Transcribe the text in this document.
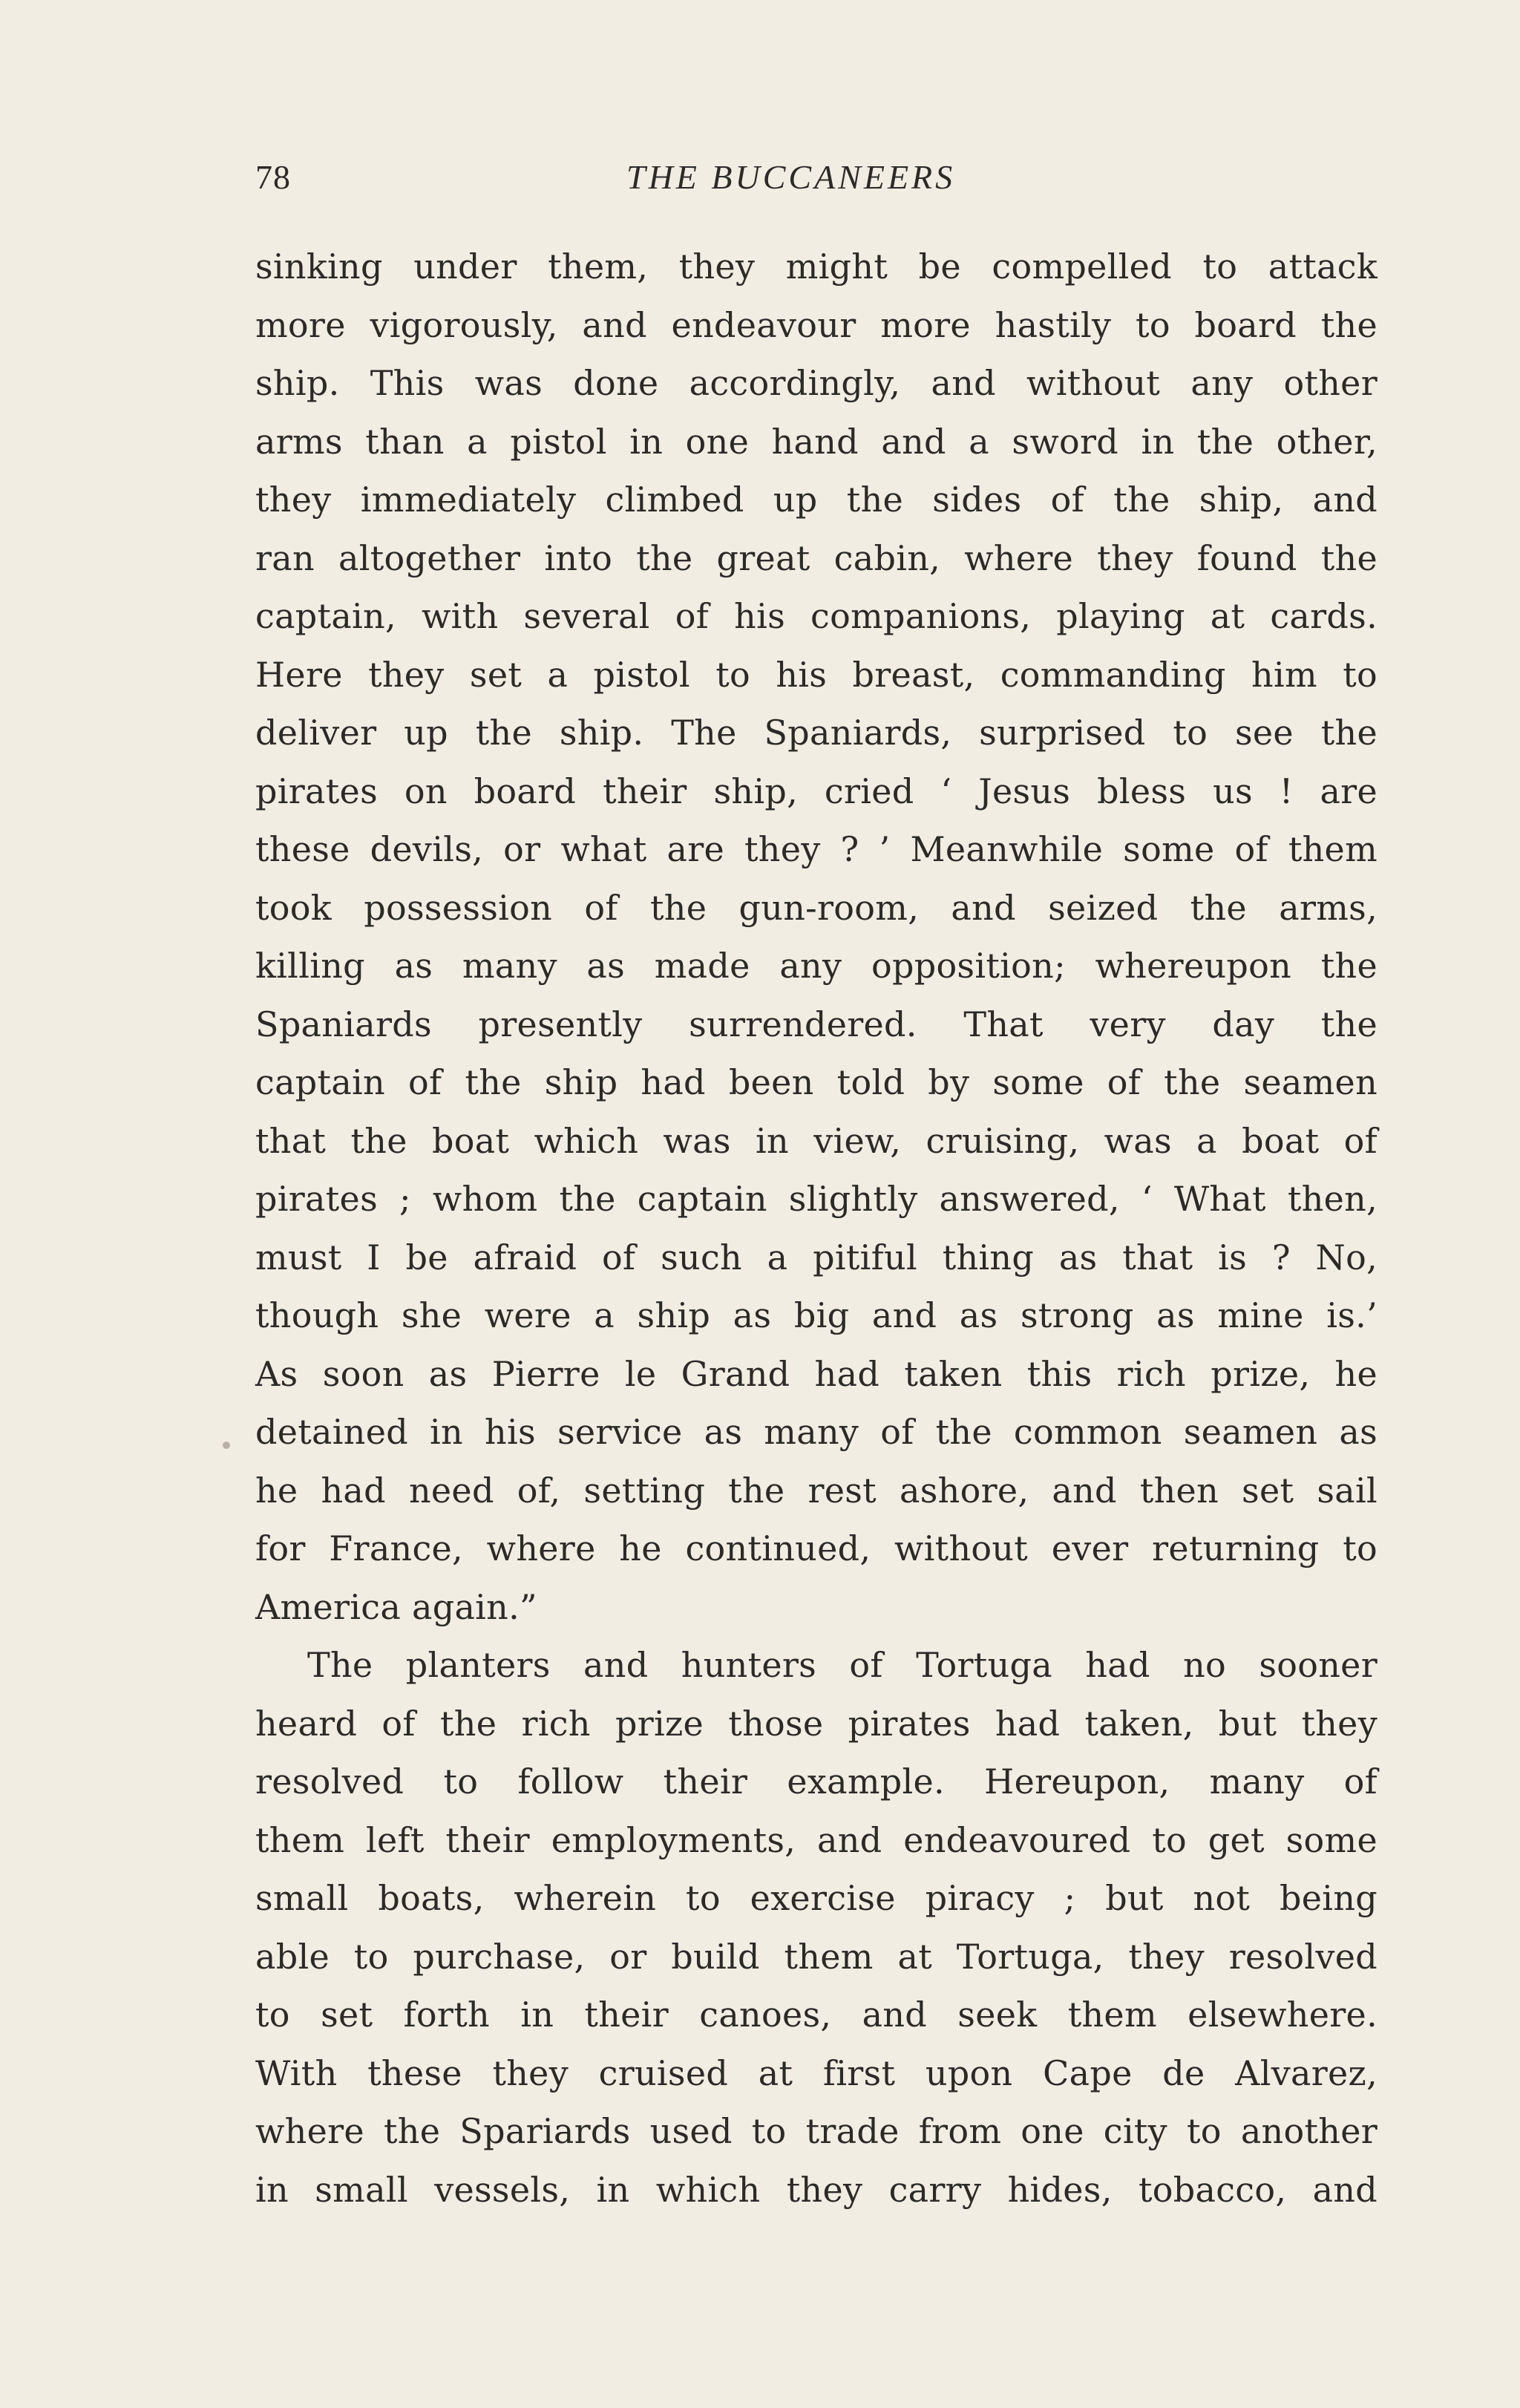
78	THE BUCCANEERS
sinking under them, they might be compelled to attack
more vigorously, and endeavour more hastily to board the
ship. This was done accordingly, and without any other
arms than a pistol in one hand and a sword in the other,
they immediately climbed up the sides of the ship, and
ran altogether into the great cabin, where they found the
captain, with several of his companions, playing at cards.
Here they set a pistol to his breast, commanding him to
deliver up the ship. The Spaniards, surprised to see the
pirates on board their ship, cried ‘ Jesus bless us ! are
these devils, or what are they ? ’ Meanwhile some of them
took possession of the gun-room, and seized the arms,
killing as many as made any opposition; whereupon the
Spaniards presently surrendered. That very day the
captain of the ship had been told by some of the seamen
that the boat which was in view, cruising, was a boat of
pirates ; whom the captain slightly answered, ‘ What then,
must I be afraid of such a pitiful thing as that is ? No,
though she were a ship as big and as strong as mine is.’
As soon as Pierre le Grand had taken this rich prize, he
detained in his service as many of the common seamen as
he had need of, setting the rest ashore, and then set sail
for France, where he continued, without ever returning to
America again.”
The planters and hunters of Tortuga had no sooner
heard of the rich prize those pirates had taken, but they
resolved to follow their example. Hereupon, many of
them left their employments, and endeavoured to get some
small boats, wherein to exercise piracy ; but not being
able to purchase, or build them at Tortuga, they resolved
to set forth in their canoes, and seek them elsewhere.
With these they cruised at first upon Cape de Alvarez,
where the Spariards used to trade from one city to another
in small vessels, in which they carry hides, tobacco, and
